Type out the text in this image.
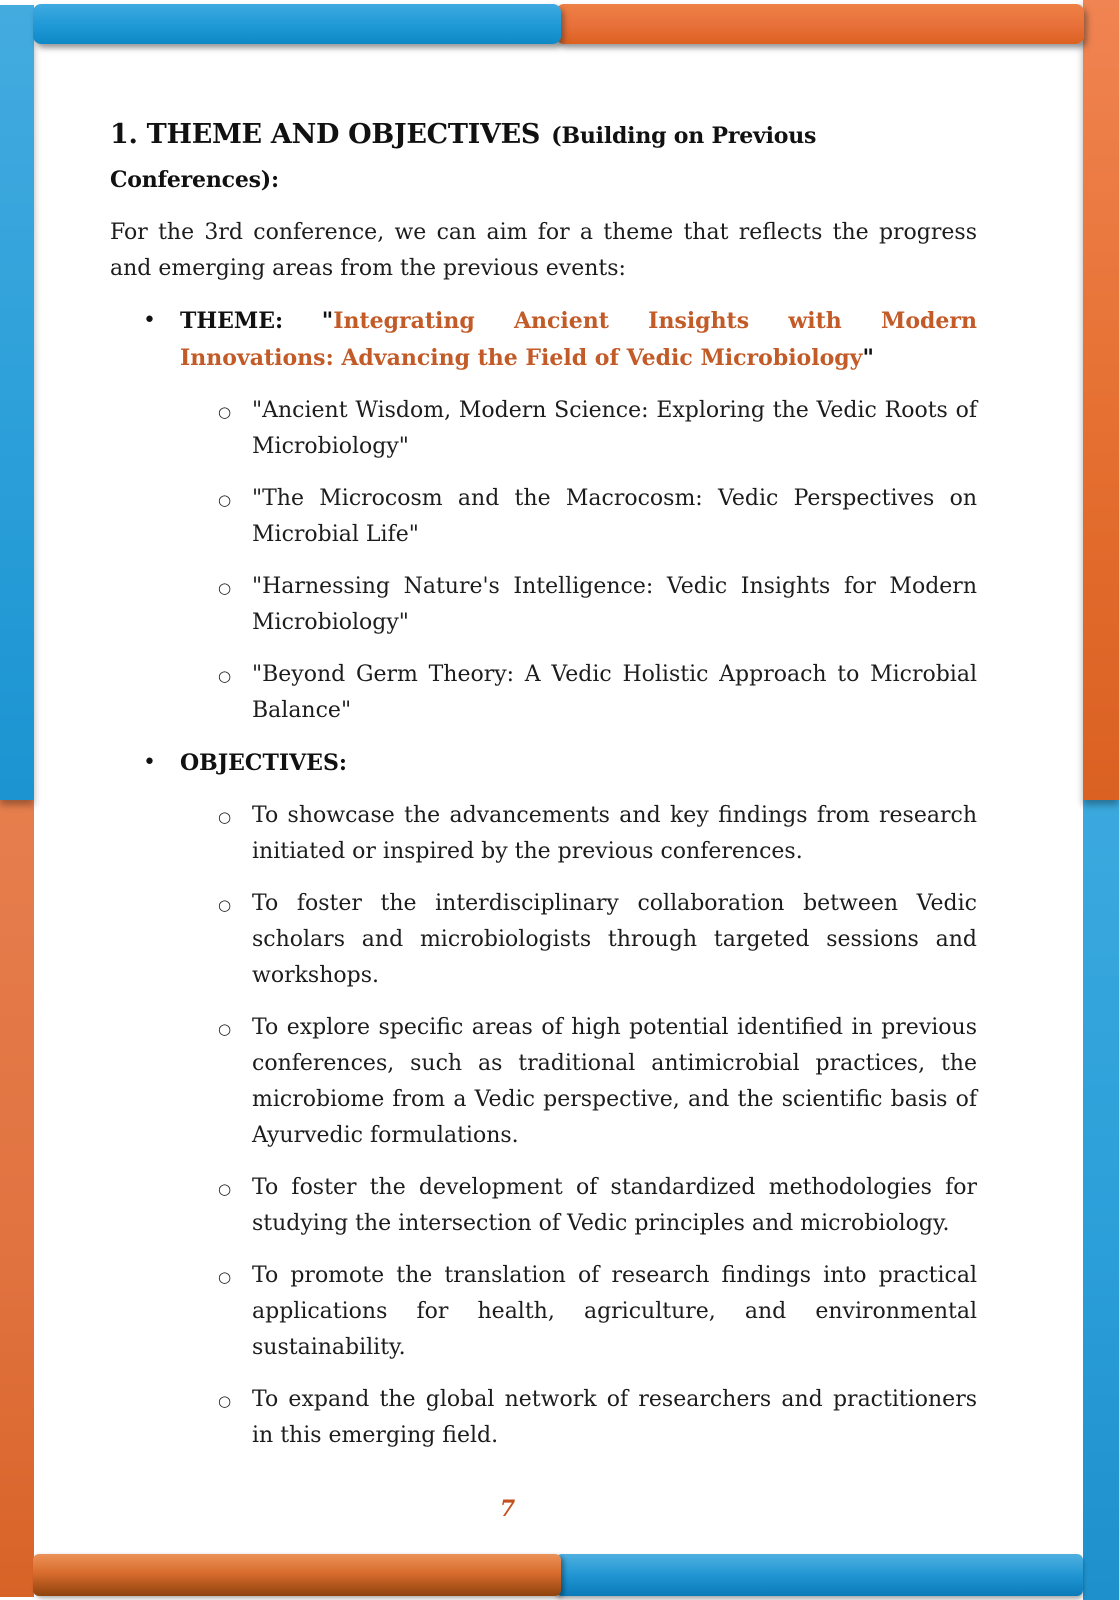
1. THEME AND OBJECTIVES (Building on Previous Conferences):

For the 3rd conference, we can aim for a theme that reflects the progress and emerging areas from the previous events:

• THEME: "Integrating Ancient Insights with Modern Innovations: Advancing the Field of Vedic Microbiology"

○ "Ancient Wisdom, Modern Science: Exploring the Vedic Roots of Microbiology"
○ "The Microcosm and the Macrocosm: Vedic Perspectives on Microbial Life"
○ "Harnessing Nature's Intelligence: Vedic Insights for Modern Microbiology"
○ "Beyond Germ Theory: A Vedic Holistic Approach to Microbial Balance"
• OBJECTIVES:

○ To showcase the advancements and key findings from research initiated or inspired by the previous conferences.
○ To foster the interdisciplinary collaboration between Vedic scholars and microbiologists through targeted sessions and workshops.
○ To explore specific areas of high potential identified in previous conferences, such as traditional antimicrobial practices, the microbiome from a Vedic perspective, and the scientific basis of Ayurvedic formulations.
○ To foster the development of standardized methodologies for studying the intersection of Vedic principles and microbiology.
○ To promote the translation of research findings into practical applications for health, agriculture, and environmental sustainability.
○ To expand the global network of researchers and practitioners in this emerging field.
7
